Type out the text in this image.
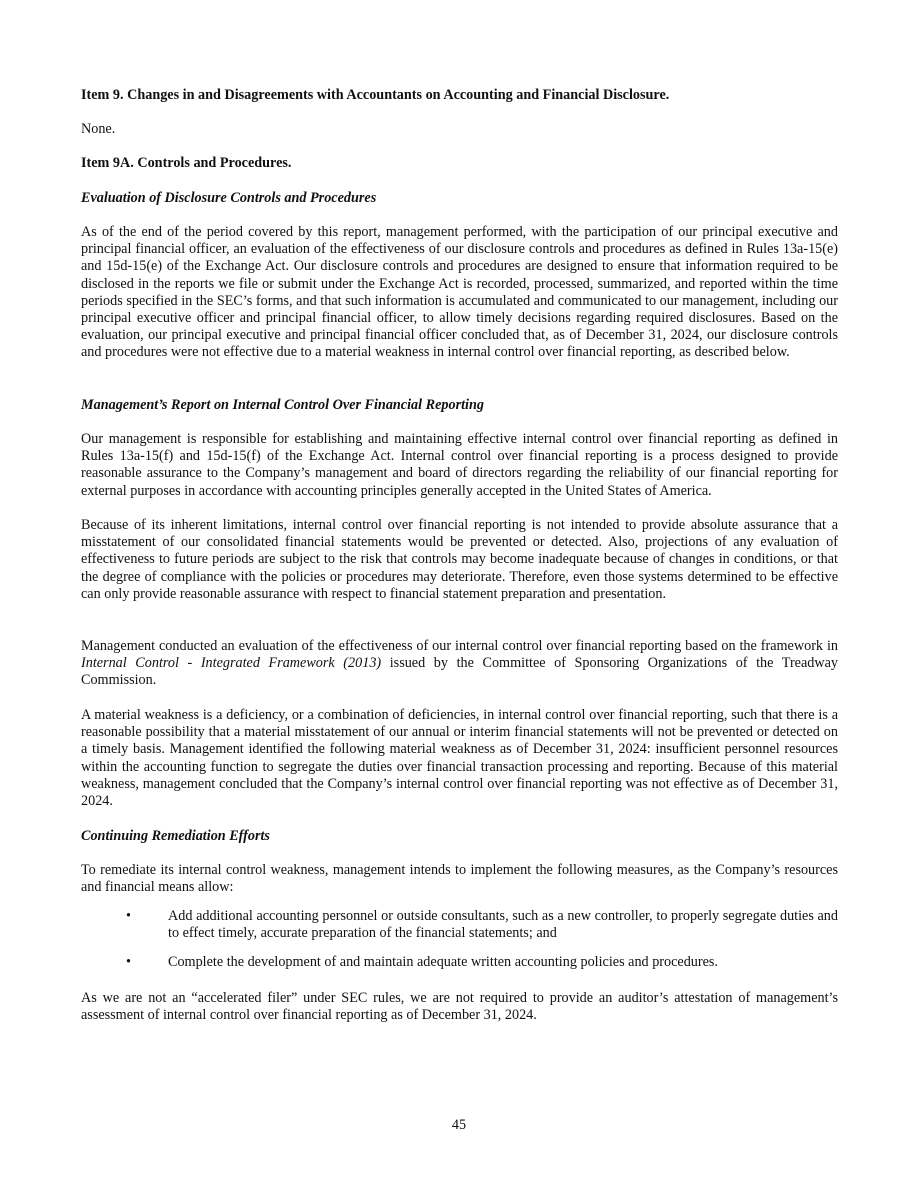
Item 9. Changes in and Disagreements with Accountants on Accounting and Financial Disclosure.

None.

Item 9A. Controls and Procedures.

Evaluation of Disclosure Controls and Procedures

As of the end of the period covered by this report, management performed, with the participation of our principal executive and principal financial officer, an evaluation of the effectiveness of our disclosure controls and procedures as defined in Rules 13a-15(e) and 15d-15(e) of the Exchange Act. Our disclosure controls and procedures are designed to ensure that information required to be disclosed in the reports we file or submit under the Exchange Act is recorded, processed, summarized, and reported within the time periods specified in the SEC’s forms, and that such information is accumulated and communicated to our management, including our principal executive officer and principal financial officer, to allow timely decisions regarding required disclosures. Based on the evaluation, our principal executive and principal financial officer concluded that, as of December 31, 2024, our disclosure controls and procedures were not effective due to a material weakness in internal control over financial reporting, as described below.

Management’s Report on Internal Control Over Financial Reporting

Our management is responsible for establishing and maintaining effective internal control over financial reporting as defined in Rules 13a-15(f) and 15d-15(f) of the Exchange Act. Internal control over financial reporting is a process designed to provide reasonable assurance to the Company’s management and board of directors regarding the reliability of our financial reporting for external purposes in accordance with accounting principles generally accepted in the United States of America.

Because of its inherent limitations, internal control over financial reporting is not intended to provide absolute assurance that a misstatement of our consolidated financial statements would be prevented or detected. Also, projections of any evaluation of effectiveness to future periods are subject to the risk that controls may become inadequate because of changes in conditions, or that the degree of compliance with the policies or procedures may deteriorate. Therefore, even those systems determined to be effective can only provide reasonable assurance with respect to financial statement preparation and presentation.

Management conducted an evaluation of the effectiveness of our internal control over financial reporting based on the framework in Internal Control - Integrated Framework (2013) issued by the Committee of Sponsoring Organizations of the Treadway Commission.

A material weakness is a deficiency, or a combination of deficiencies, in internal control over financial reporting, such that there is a reasonable possibility that a material misstatement of our annual or interim financial statements will not be prevented or detected on a timely basis. Management identified the following material weakness as of December 31, 2024: insufficient personnel resources within the accounting function to segregate the duties over financial transaction processing and reporting. Because of this material weakness, management concluded that the Company’s internal control over financial reporting was not effective as of December 31, 2024.

Continuing Remediation Efforts

To remediate its internal control weakness, management intends to implement the following measures, as the Company’s resources and financial means allow:

•	Add additional accounting personnel or outside consultants, such as a new controller, to properly segregate duties and to effect timely, accurate preparation of the financial statements; and

•	Complete the development of and maintain adequate written accounting policies and procedures.

As we are not an “accelerated filer” under SEC rules, we are not required to provide an auditor’s attestation of management’s assessment of internal control over financial reporting as of December 31, 2024.

45
